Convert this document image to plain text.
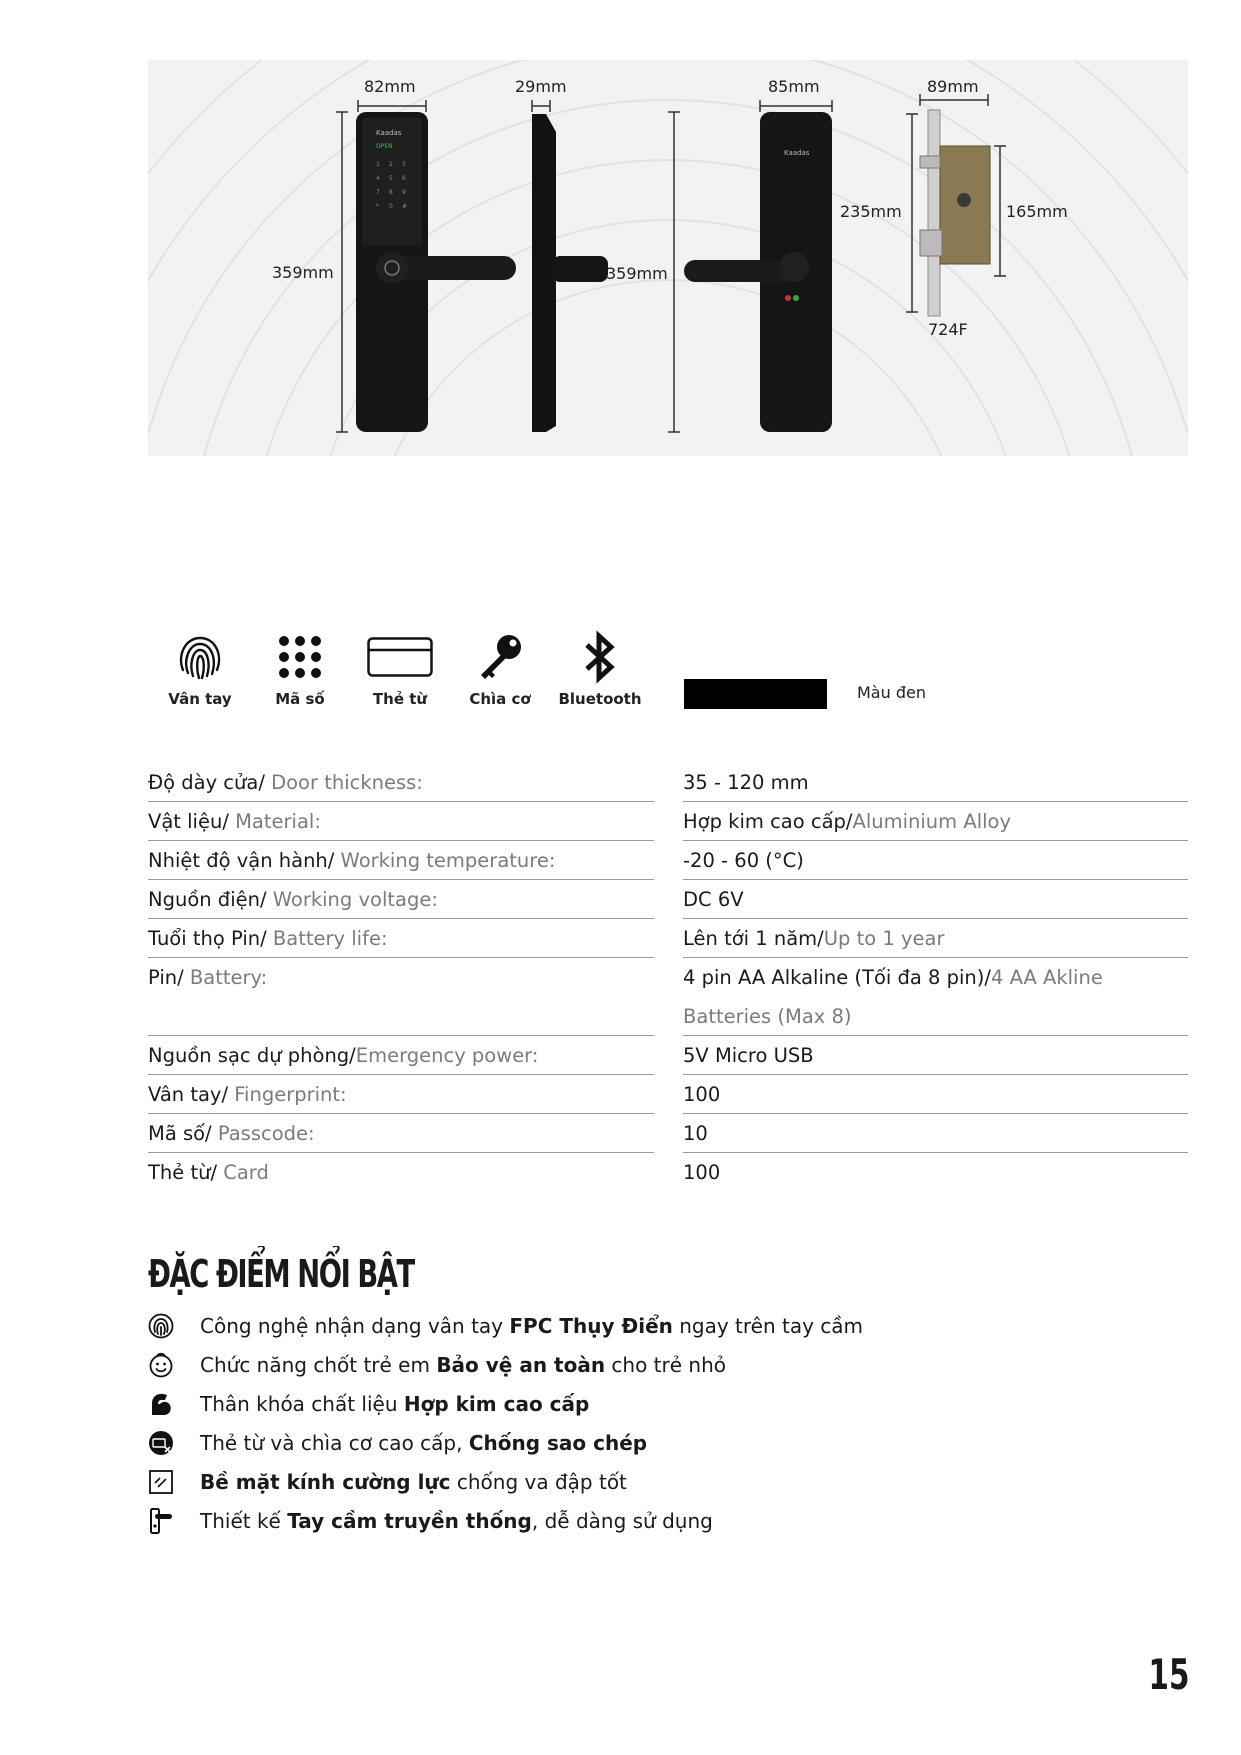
82mm
359mm
Kaadas
OPEN
1 2 3
4 5 6
7 8 9
* 0 #
29mm
359mm
85mm
Kaadas
89mm
235mm	165mm
724F
Vân tay	Mã số	Thẻ từ	Chìa cơ	Bluetooth	Màu đen
Độ dày cửa/ Door thickness:	35 - 120 mm
Vật liệu/ Material:	Hợp kim cao cấp/Aluminium Alloy
Nhiệt độ vận hành/ Working temperature:	-20 - 60 (°C)
Nguồn điện/ Working voltage:	DC 6V
Tuổi thọ Pin/ Battery life:	Lên tới 1 năm/Up to 1 year
Pin/ Battery:	4 pin AA Alkaline (Tối đa 8 pin)/4 AA Akline Batteries (Max 8)
Nguồn sạc dự phòng/Emergency power:	5V Micro USB
Vân tay/ Fingerprint:	100
Mã số/ Passcode:	10
Thẻ từ/ Card	100
ĐẶC ĐIỂM NỔI BẬT
Công nghệ nhận dạng vân tay FPC Thụy Điển ngay trên tay cầm
Chức năng chốt trẻ em Bảo vệ an toàn cho trẻ nhỏ
Thân khóa chất liệu Hợp kim cao cấp
Thẻ từ và chìa cơ cao cấp, Chống sao chép
Bề mặt kính cường lực chống va đập tốt
Thiết kế Tay cầm truyền thống, dễ dàng sử dụng
15
